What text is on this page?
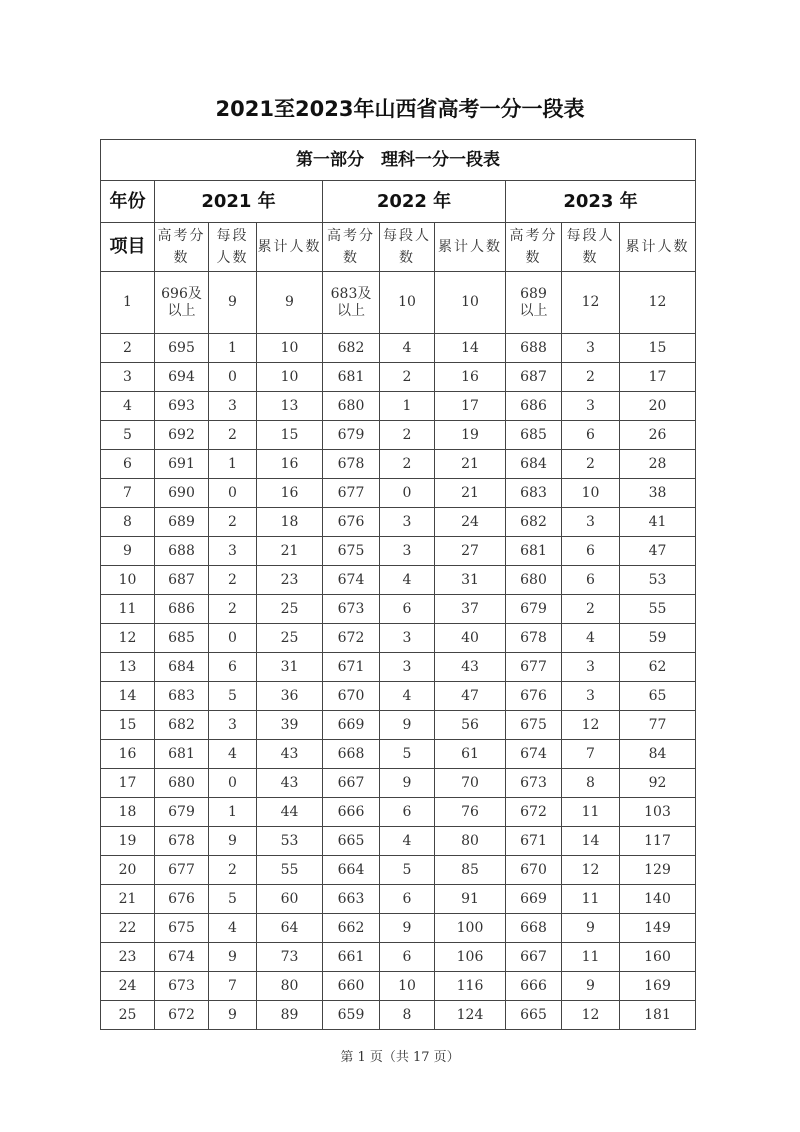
2021至2023年山西省高考一分一段表
第一部分　理科一分一段表									
年份	2021 年			2022 年			2023 年		
项目	高考分数	每段人数	累计人数	高考分数	每段人数	累计人数	高考分数	每段人数	累计人数
1	696及以上	9	9	683及以上	10	10	689以上	12	12
2	695	1	10	682	4	14	688	3	15
3	694	0	10	681	2	16	687	2	17
4	693	3	13	680	1	17	686	3	20
5	692	2	15	679	2	19	685	6	26
6	691	1	16	678	2	21	684	2	28
7	690	0	16	677	0	21	683	10	38
8	689	2	18	676	3	24	682	3	41
9	688	3	21	675	3	27	681	6	47
10	687	2	23	674	4	31	680	6	53
11	686	2	25	673	6	37	679	2	55
12	685	0	25	672	3	40	678	4	59
13	684	6	31	671	3	43	677	3	62
14	683	5	36	670	4	47	676	3	65
15	682	3	39	669	9	56	675	12	77
16	681	4	43	668	5	61	674	7	84
17	680	0	43	667	9	70	673	8	92
18	679	1	44	666	6	76	672	11	103
19	678	9	53	665	4	80	671	14	117
20	677	2	55	664	5	85	670	12	129
21	676	5	60	663	6	91	669	11	140
22	675	4	64	662	9	100	668	9	149
23	674	9	73	661	6	106	667	11	160
24	673	7	80	660	10	116	666	9	169
25	672	9	89	659	8	124	665	12	181
第 1 页（共 17 页）
